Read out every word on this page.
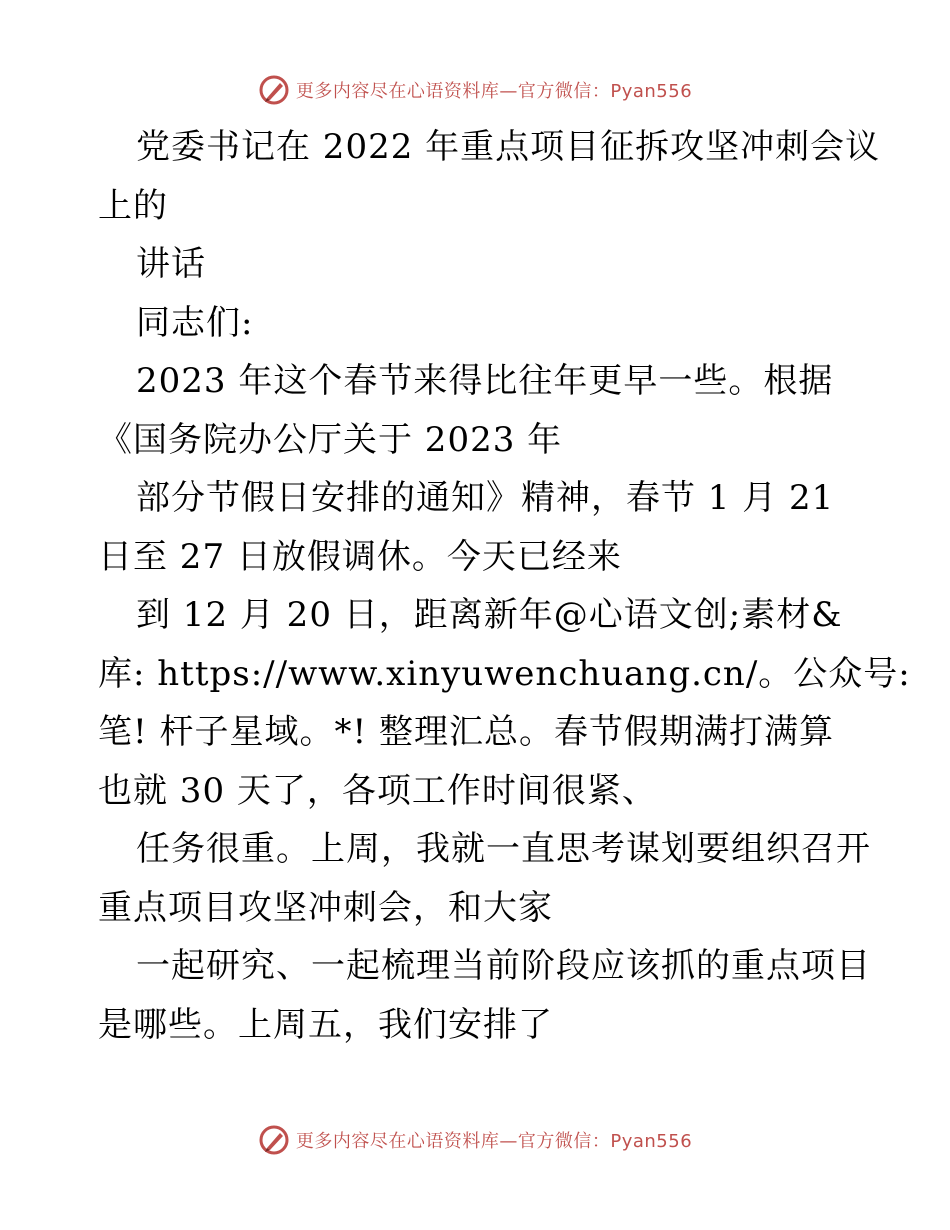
更多内容尽在心语资料库—官方微信：Pyan556
党委书记在 2022 年重点项目征拆攻坚冲刺会议
上的
讲话
同志们:
2023 年这个春节来得比往年更早一些。根据
《国务院办公厅关于 2023 年
部分节假日安排的通知》精神，春节 1 月 21
日至 27 日放假调休。今天已经来
到 12 月 20 日，距离新年@心语文创;素材&
库: https://www.xinyuwenchuang.cn/。公众号:
笔! 杆子星域。*! 整理汇总。春节假期满打满算
也就 30 天了，各项工作时间很紧、
任务很重。上周，我就一直思考谋划要组织召开
重点项目攻坚冲刺会，和大家
一起研究、一起梳理当前阶段应该抓的重点项目
是哪些。上周五，我们安排了
更多内容尽在心语资料库—官方微信：Pyan556
